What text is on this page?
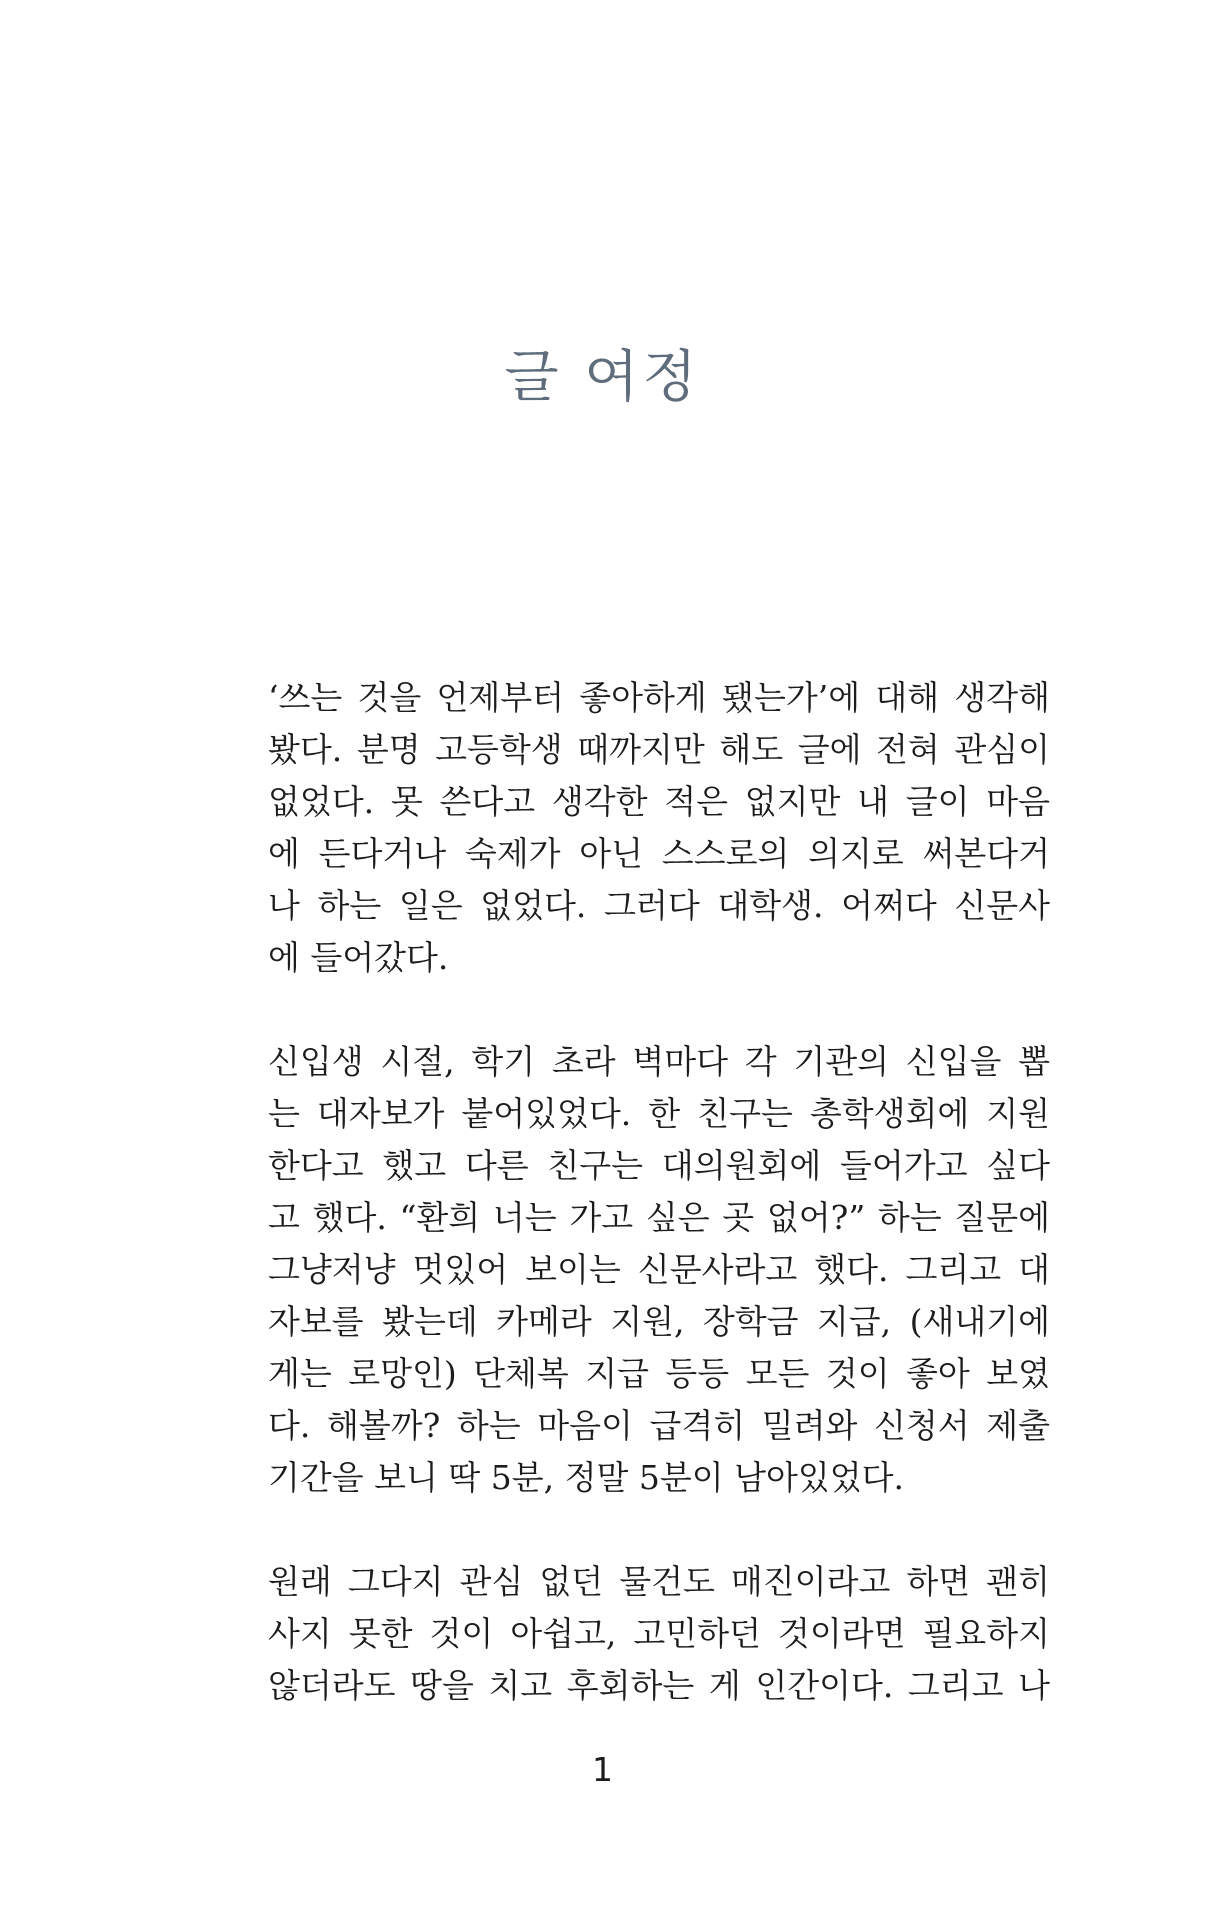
글 여정
‘쓰는 것을 언제부터 좋아하게 됐는가’에 대해 생각해
봤다. 분명 고등학생 때까지만 해도 글에 전혀 관심이
없었다. 못 쓴다고 생각한 적은 없지만 내 글이 마음
에 든다거나 숙제가 아닌 스스로의 의지로 써본다거
나 하는 일은 없었다. 그러다 대학생. 어쩌다 신문사
에 들어갔다.
신입생 시절, 학기 초라 벽마다 각 기관의 신입을 뽑
는 대자보가 붙어있었다. 한 친구는 총학생회에 지원
한다고 했고 다른 친구는 대의원회에 들어가고 싶다
고 했다. “환희 너는 가고 싶은 곳 없어?” 하는 질문에
그냥저냥 멋있어 보이는 신문사라고 했다. 그리고 대
자보를 봤는데 카메라 지원, 장학금 지급, (새내기에
게는 로망인) 단체복 지급 등등 모든 것이 좋아 보였
다. 해볼까? 하는 마음이 급격히 밀려와 신청서 제출
기간을 보니 딱 5분, 정말 5분이 남아있었다.
원래 그다지 관심 없던 물건도 매진이라고 하면 괜히
사지 못한 것이 아쉽고, 고민하던 것이라면 필요하지
않더라도 땅을 치고 후회하는 게 인간이다. 그리고 나
1
